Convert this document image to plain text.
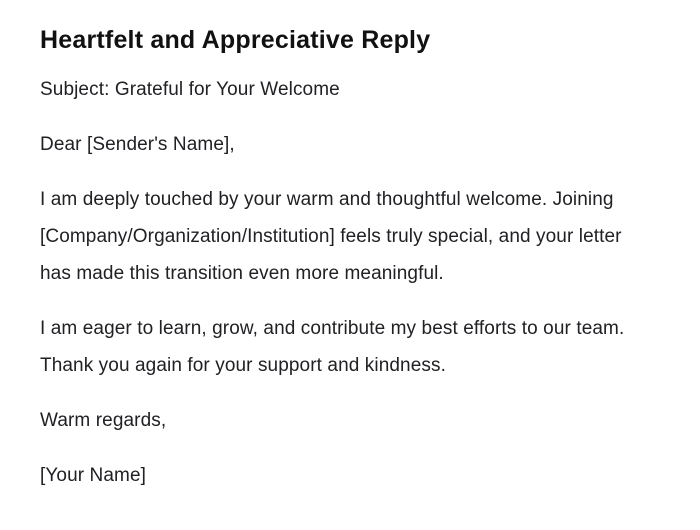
Heartfelt and Appreciative Reply

Subject: Grateful for Your Welcome

Dear [Sender's Name],

I am deeply touched by your warm and thoughtful welcome. Joining [Company/Organization/Institution] feels truly special, and your letter has made this transition even more meaningful.

I am eager to learn, grow, and contribute my best efforts to our team. Thank you again for your support and kindness.

Warm regards,

[Your Name]
